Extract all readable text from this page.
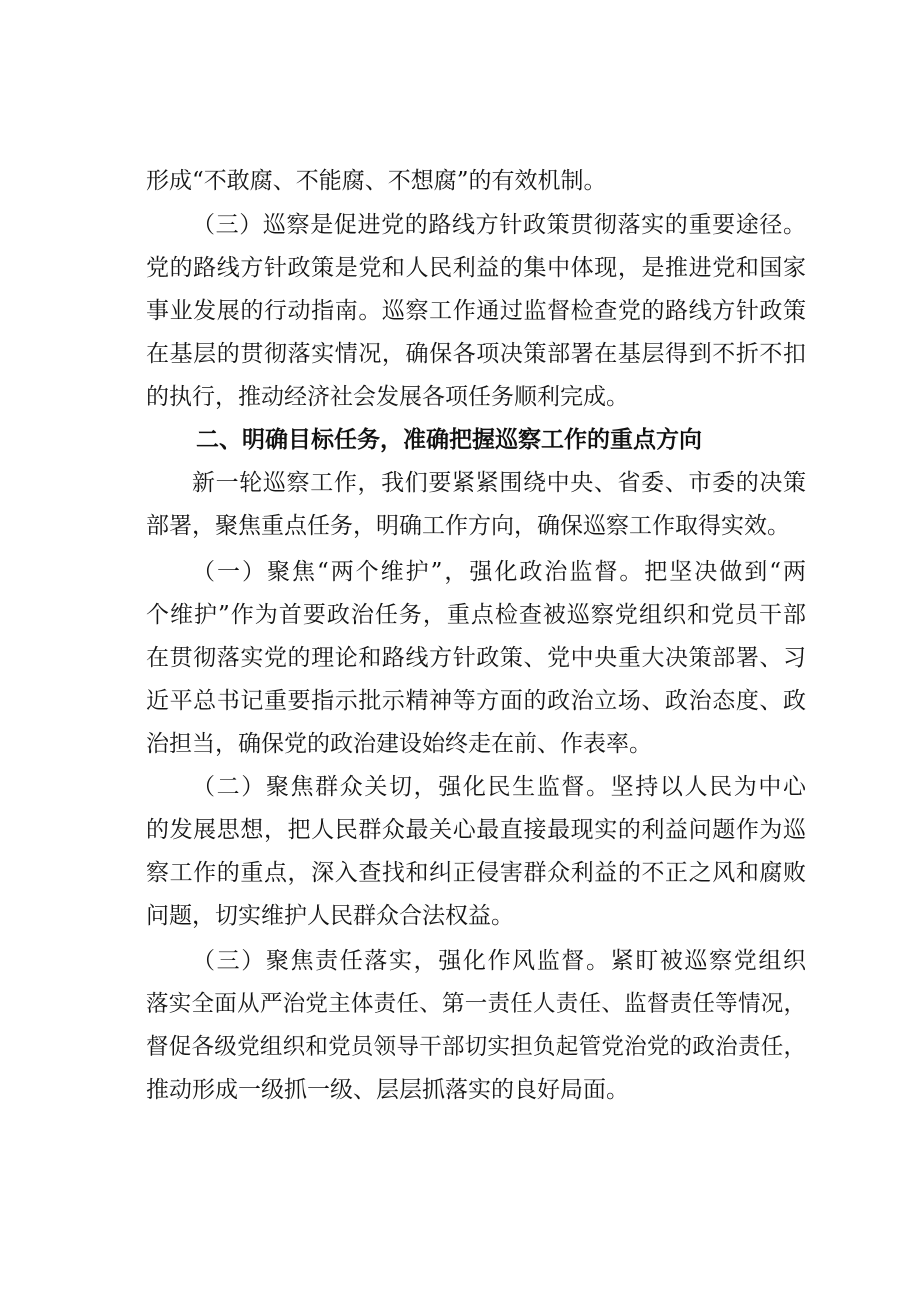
形成“不敢腐、不能腐、不想腐”的有效机制。
（三）巡察是促进党的路线方针政策贯彻落实的重要途径。
党的路线方针政策是党和人民利益的集中体现，是推进党和国家
事业发展的行动指南。巡察工作通过监督检查党的路线方针政策
在基层的贯彻落实情况，确保各项决策部署在基层得到不折不扣
的执行，推动经济社会发展各项任务顺利完成。
二、明确目标任务，准确把握巡察工作的重点方向
新一轮巡察工作，我们要紧紧围绕中央、省委、市委的决策
部署，聚焦重点任务，明确工作方向，确保巡察工作取得实效。
（一）聚焦“两个维护”，强化政治监督。把坚决做到“两
个维护”作为首要政治任务，重点检查被巡察党组织和党员干部
在贯彻落实党的理论和路线方针政策、党中央重大决策部署、习
近平总书记重要指示批示精神等方面的政治立场、政治态度、政
治担当，确保党的政治建设始终走在前、作表率。
（二）聚焦群众关切，强化民生监督。坚持以人民为中心
的发展思想，把人民群众最关心最直接最现实的利益问题作为巡
察工作的重点，深入查找和纠正侵害群众利益的不正之风和腐败
问题，切实维护人民群众合法权益。
（三）聚焦责任落实，强化作风监督。紧盯被巡察党组织
落实全面从严治党主体责任、第一责任人责任、监督责任等情况，
督促各级党组织和党员领导干部切实担负起管党治党的政治责任，
推动形成一级抓一级、层层抓落实的良好局面。
